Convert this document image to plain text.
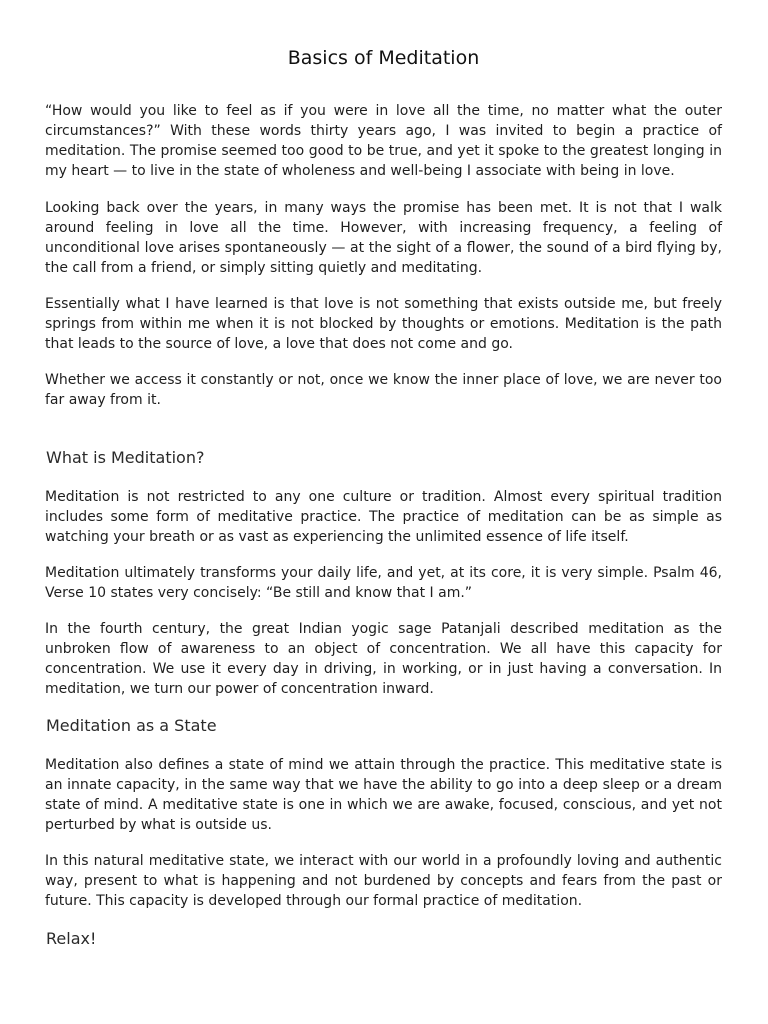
Basics of Meditation

“How would you like to feel as if you were in love all the time, no matter what the outer circumstances?” With these words thirty years ago, I was invited to begin a practice of meditation. The promise seemed too good to be true, and yet it spoke to the greatest longing in my heart — to live in the state of wholeness and well-being I associate with being in love.

Looking back over the years, in many ways the promise has been met. It is not that I walk around feeling in love all the time. However, with increasing frequency, a feeling of unconditional love arises spontaneously — at the sight of a flower, the sound of a bird flying by, the call from a friend, or simply sitting quietly and meditating.

Essentially what I have learned is that love is not something that exists outside me, but freely springs from within me when it is not blocked by thoughts or emotions. Meditation is the path that leads to the source of love, a love that does not come and go.

Whether we access it constantly or not, once we know the inner place of love, we are never too far away from it.

What is Meditation?

Meditation is not restricted to any one culture or tradition. Almost every spiritual tradition includes some form of meditative practice. The practice of meditation can be as simple as watching your breath or as vast as experiencing the unlimited essence of life itself.

Meditation ultimately transforms your daily life, and yet, at its core, it is very simple. Psalm 46, Verse 10 states very concisely: “Be still and know that I am.”

In the fourth century, the great Indian yogic sage Patanjali described meditation as the unbroken flow of awareness to an object of concentration. We all have this capacity for concentration. We use it every day in driving, in working, or in just having a conversation. In meditation, we turn our power of concentration inward.

Meditation as a State

Meditation also defines a state of mind we attain through the practice. This meditative state is an innate capacity, in the same way that we have the ability to go into a deep sleep or a dream state of mind. A meditative state is one in which we are awake, focused, conscious, and yet not perturbed by what is outside us.

In this natural meditative state, we interact with our world in a profoundly loving and authentic way, present to what is happening and not burdened by concepts and fears from the past or future. This capacity is developed through our formal practice of meditation.

Relax!
